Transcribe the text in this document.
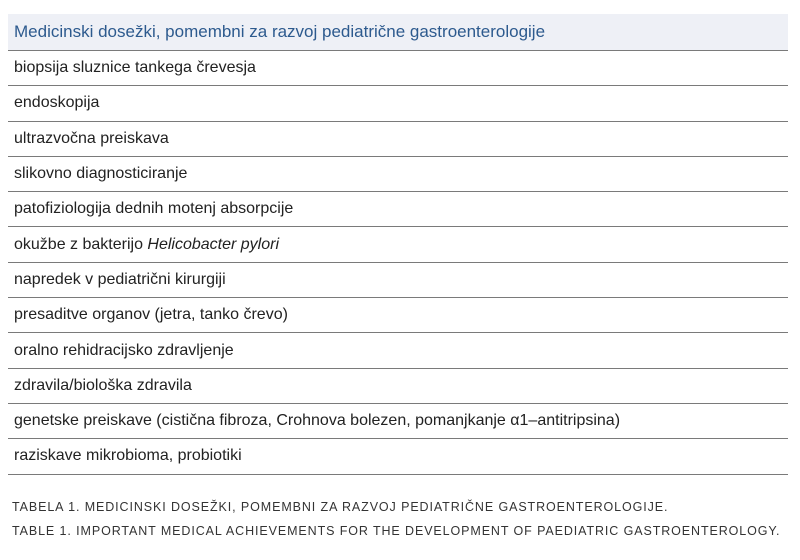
Medicinski dosežki, pomembni za razvoj pediatrične gastroenterologije
biopsija sluznice tankega črevesja
endoskopija
ultrazvočna preiskava
slikovno diagnosticiranje
patofiziologija dednih motenj absorpcije
okužbe z bakterijo Helicobacter pylori
napredek v pediatrični kirurgiji
presaditve organov (jetra, tanko črevo)
oralno rehidracijsko zdravljenje
zdravila/biološka zdravila
genetske preiskave (cistična fibroza, Crohnova bolezen, pomanjkanje α1–antitripsina)
raziskave mikrobioma, probiotiki
TABELA 1. MEDICINSKI DOSEŽKI, POMEMBNI ZA RAZVOJ PEDIATRIČNE GASTROENTEROLOGIJE.
TABLE 1. IMPORTANT MEDICAL ACHIEVEMENTS FOR THE DEVELOPMENT OF PAEDIATRIC GASTROENTEROLOGY.
